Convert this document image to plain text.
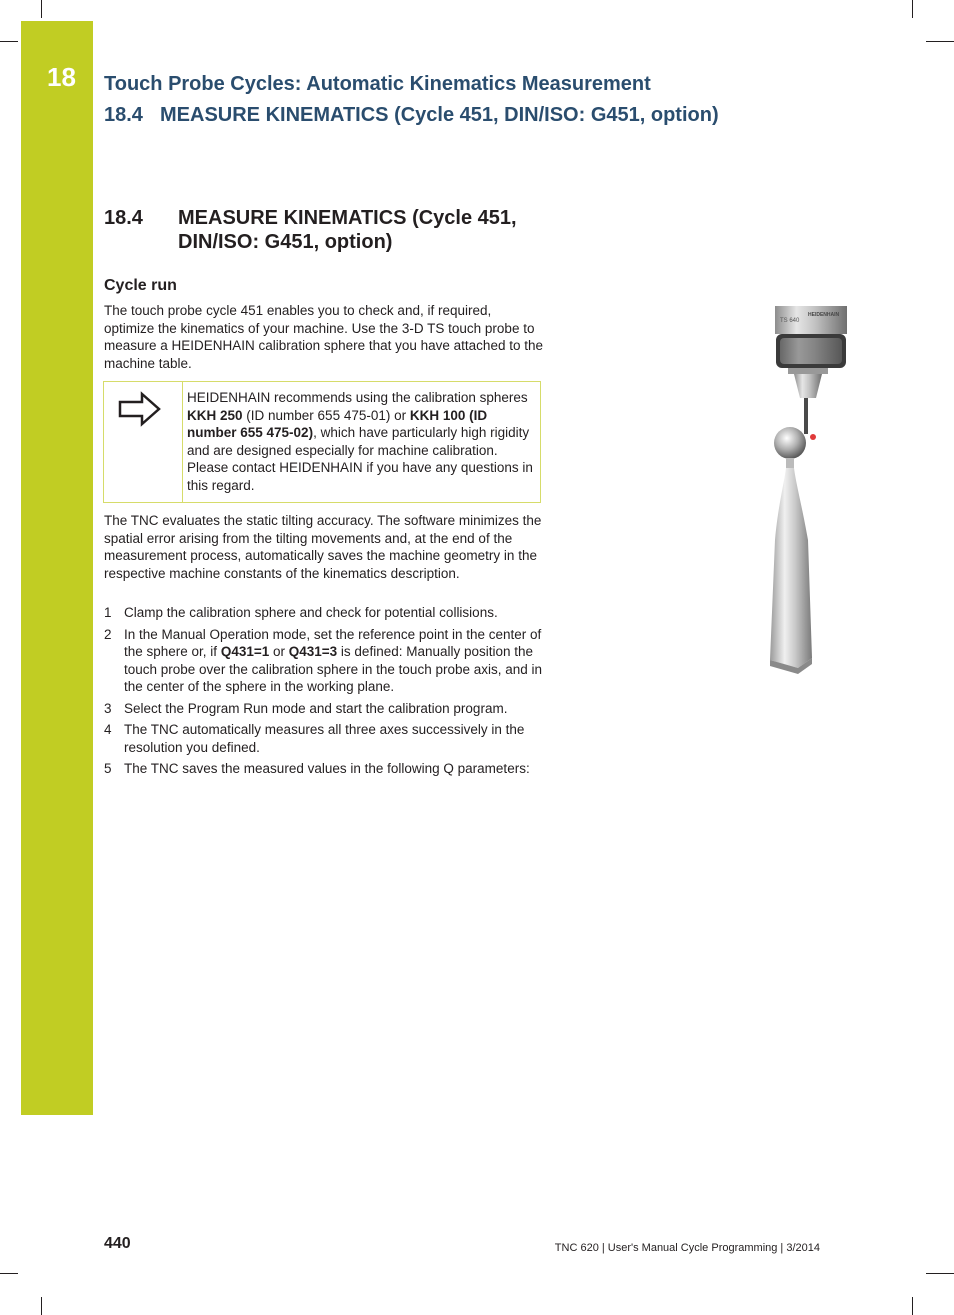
18 Touch Probe Cycles: Automatic Kinematics Measurement
18.4 MEASURE KINEMATICS (Cycle 451, DIN/ISO: G451, option)
18.4 MEASURE KINEMATICS (Cycle 451,
DIN/ISO: G451, option)
Cycle run

The touch probe cycle 451 enables you to check and, if required, optimize the kinematics of your machine. Use the 3-D TS touch probe to measure a HEIDENHAIN calibration sphere that you have attached to the machine table.

HEIDENHAIN recommends using the calibration spheres KKH 250 (ID number 655 475-01) or KKH 100 (ID number 655 475-02), which have particularly high rigidity and are designed especially for machine calibration. Please contact HEIDENHAIN if you have any questions in this regard.

The TNC evaluates the static tilting accuracy. The software minimizes the spatial error arising from the tilting movements and, at the end of the measurement process, automatically saves the machine geometry in the respective machine constants of the kinematics description.

1 Clamp the calibration sphere and check for potential collisions.
2 In the Manual Operation mode, set the reference point in the center of the sphere or, if Q431=1 or Q431=3 is defined: Manually position the touch probe over the calibration sphere in the touch probe axis, and in the center of the sphere in the working plane.
3 Select the Program Run mode and start the calibration program.
4 The TNC automatically measures all three axes successively in the resolution you defined.
5 The TNC saves the measured values in the following Q parameters:
TS 640
HEIDENHAIN
440	TNC 620 | User's Manual Cycle Programming | 3/2014
